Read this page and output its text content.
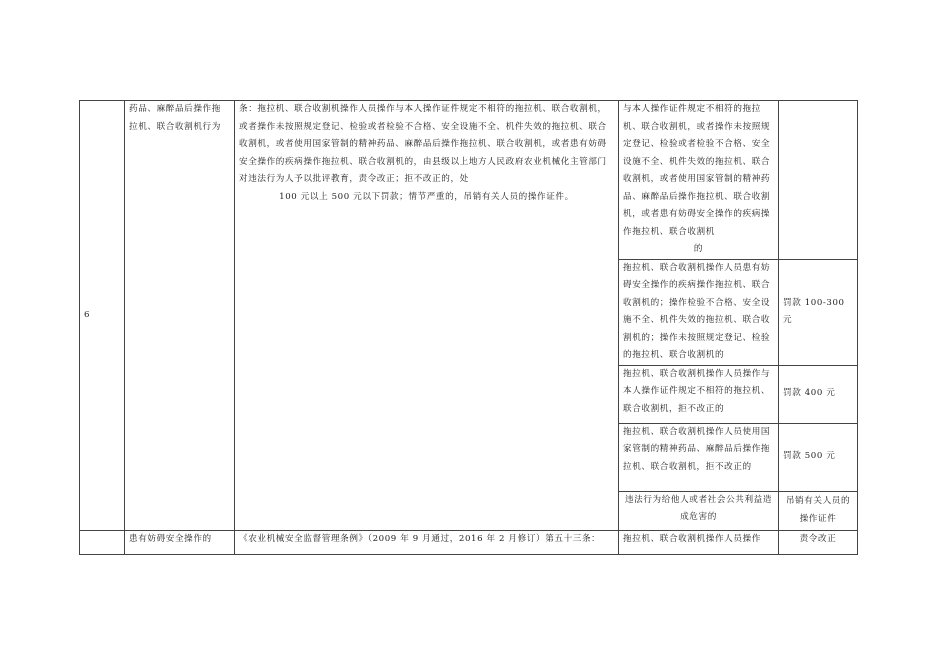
6	药品、麻醉品后操作拖拉机、联合收割机行为	条：拖拉机、联合收割机操作人员操作与本人操作证件规定不相符的拖拉机、联合收割机，或者操作未按照规定登记、检验或者检验不合格、安全设施不全、机件失效的拖拉机、联合收割机，或者使用国家管制的精神药品、麻醉品后操作拖拉机、联合收割机，或者患有妨碍安全操作的疾病操作拖拉机、联合收割机的，由县级以上地方人民政府农业机械化主管部门对违法行为人予以批评教育，责令改正；拒不改正的，处
100 元以上 500 元以下罚款；情节严重的，吊销有关人员的操作证件。	与本人操作证件规定不相符的拖拉机、联合收割机，或者操作未按照规定登记、检验或者检验不合格、安全设施不全、机件失效的拖拉机、联合收割机，或者使用国家管制的精神药品、麻醉品后操作拖拉机、联合收割机，或者患有妨碍安全操作的疾病操作拖拉机、联合收割机
的	

			拖拉机、联合收割机操作人员患有妨碍安全操作的疾病操作拖拉机、联合收割机的；操作检验不合格、安全设施不全、机件失效的拖拉机、联合收割机的；操作未按照规定登记、检验的拖拉机、联合收割机的	罚款 100-300 元

			拖拉机、联合收割机操作人员操作与本人操作证件规定不相符的拖拉机、联合收割机，拒不改正的	罚款 400 元

			拖拉机、联合收割机操作人员使用国家管制的精神药品、麻醉品后操作拖拉机、联合收割机，拒不改正的	罚款 500 元

			违法行为给他人或者社会公共利益造成危害的	吊销有关人员的操作证件

	患有妨碍安全操作的	《农业机械安全监督管理条例》（2009 年 9 月通过，2016 年 2 月修订）第五十三条：	拖拉机、联合收割机操作人员操作	责令改正
